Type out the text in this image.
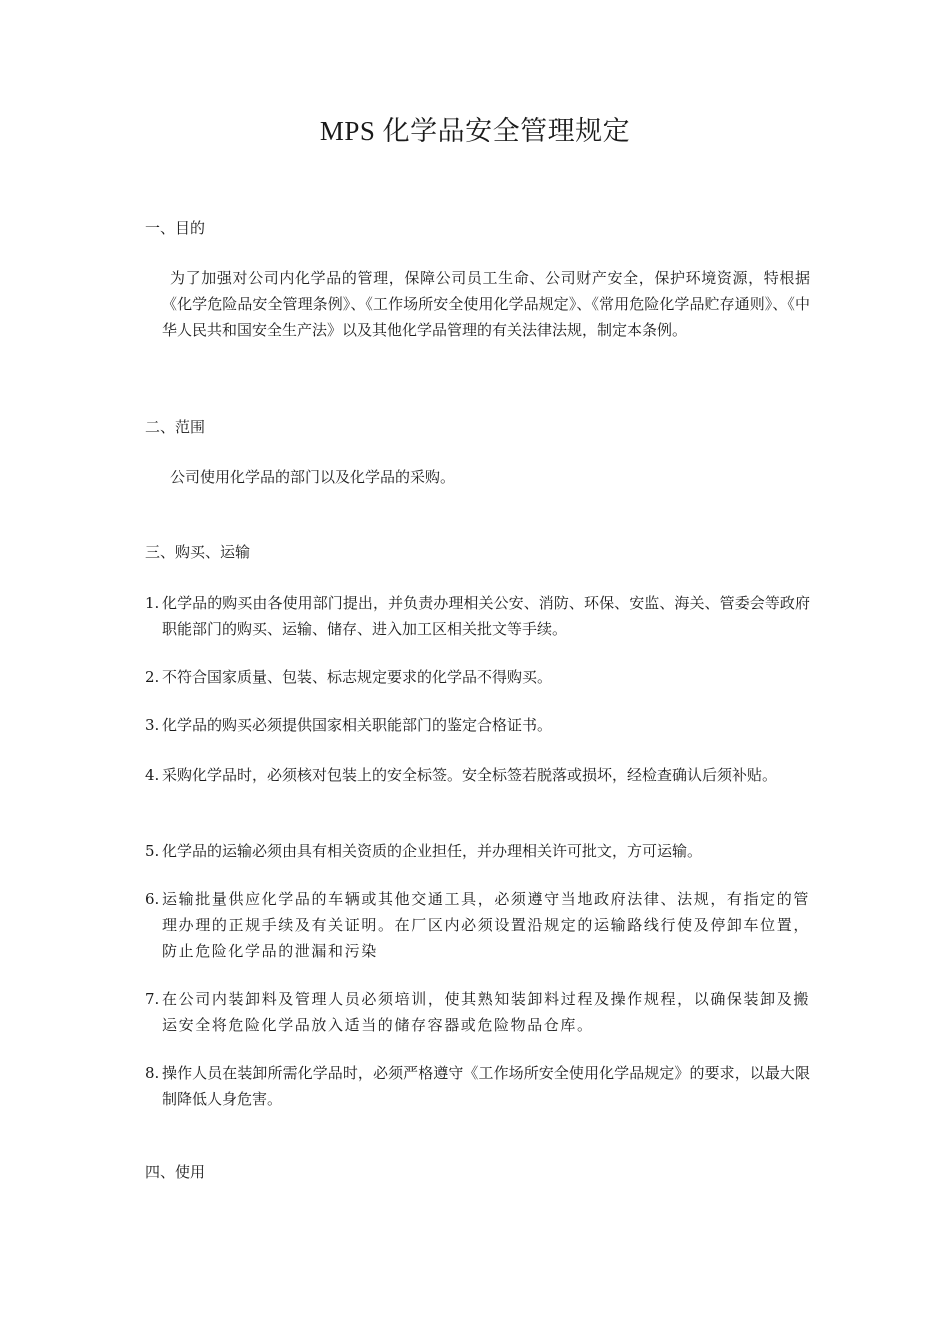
MPS 化学品安全管理规定
一、目的

为了加强对公司内化学品的管理，保障公司员工生命、公司财产安全，保护环境资源，特根据《化学危险品安全管理条例》、《工作场所安全使用化学品规定》、《常用危险化学品贮存通则》、《中华人民共和国安全生产法》以及其他化学品管理的有关法律法规，制定本条例。

二、范围

公司使用化学品的部门以及化学品的采购。

三、购买、运输
1. 化学品的购买由各使用部门提出，并负责办理相关公安、消防、环保、安监、海关、管委会等政府职能部门的购买、运输、储存、进入加工区相关批文等手续。
2. 不符合国家质量、包装、标志规定要求的化学品不得购买。
3. 化学品的购买必须提供国家相关职能部门的鉴定合格证书。
4. 采购化学品时，必须核对包装上的安全标签。安全标签若脱落或损坏，经检查确认后须补贴。
5. 化学品的运输必须由具有相关资质的企业担任，并办理相关许可批文，方可运输。
6. 运输批量供应化学品的车辆或其他交通工具，必须遵守当地政府法律、法规，有指定的管理办理的正规手续及有关证明。在厂区内必须设置沿规定的运输路线行使及停卸车位置，防止危险化学品的泄漏和污染
7. 在公司内装卸料及管理人员必须培训，使其熟知装卸料过程及操作规程，以确保装卸及搬运安全将危险化学品放入适当的储存容器或危险物品仓库。
8. 操作人员在装卸所需化学品时，必须严格遵守《工作场所安全使用化学品规定》的要求，以最大限制降低人身危害。
四、使用
